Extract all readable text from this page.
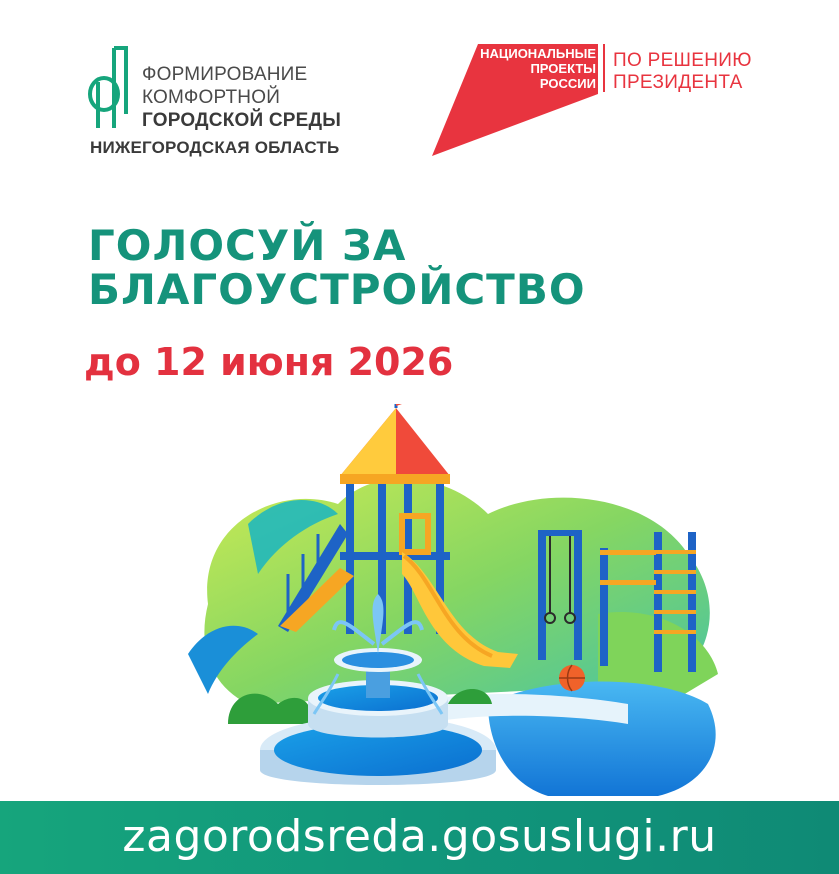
ФОРМИРОВАНИЕ
КОМФОРТНОЙ
ГОРОДСКОЙ СРЕДЫ
НИЖЕГОРОДСКАЯ ОБЛАСТЬ
НАЦИОНАЛЬНЫЕ
ПРОЕКТЫ
РОССИИ
ПО РЕШЕНИЮ
ПРЕЗИДЕНТА
ГОЛОСУЙ ЗА
БЛАГОУСТРОЙСТВО
до 12 июня 2026
zagorodsreda.gosuslugi.ru
